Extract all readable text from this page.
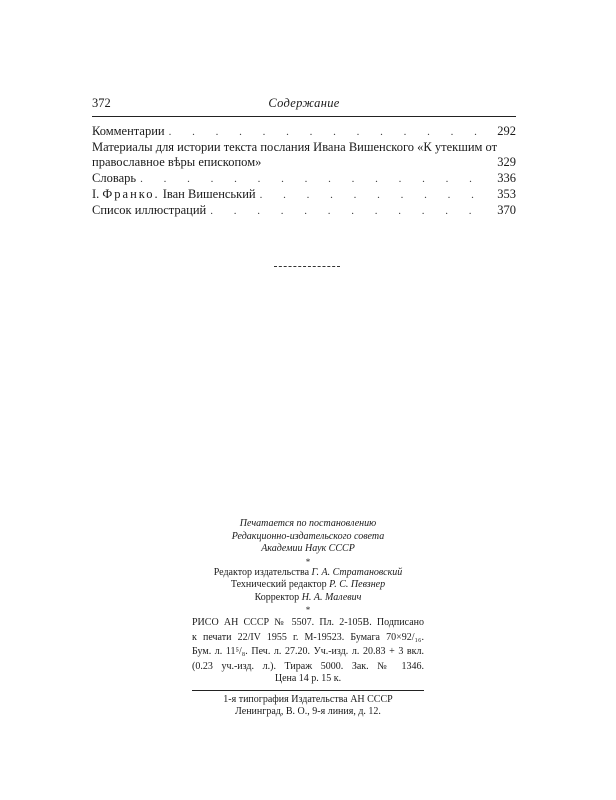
372	Содержание
Комментарии . . .	292
Материалы для истории текста послания Ивана Вишенского «К утекшим от
православное вѣры епископом»	329
Словарь . . .	336
І. Франко. Іван Вишенський . . .	353
Список иллюстраций . . .	370
Печатается по постановлению
Редакционно-издательского совета
Академии Наук СССР
*
Редактор издательства Г. А. Стратановский
Технический редактор Р. С. Певзнер
Корректор Н. А. Малевич
*
РИСО АН СССР № 5507. Пл. 2-105В. Подписано
к печати 22/IV 1955 г. М-19523. Бумага 70×92/₁₆.
Бум. л. 11⁵/₈. Печ. л. 27.20. Уч.-изд. л. 20.83 + 3 вкл.
(0.23 уч.-изд. л.). Тираж 5000. Зак. № 1346.
Цена 14 р. 15 к.
1-я типография Издательства АН СССР
Ленинград, В. О., 9-я линия, д. 12.
